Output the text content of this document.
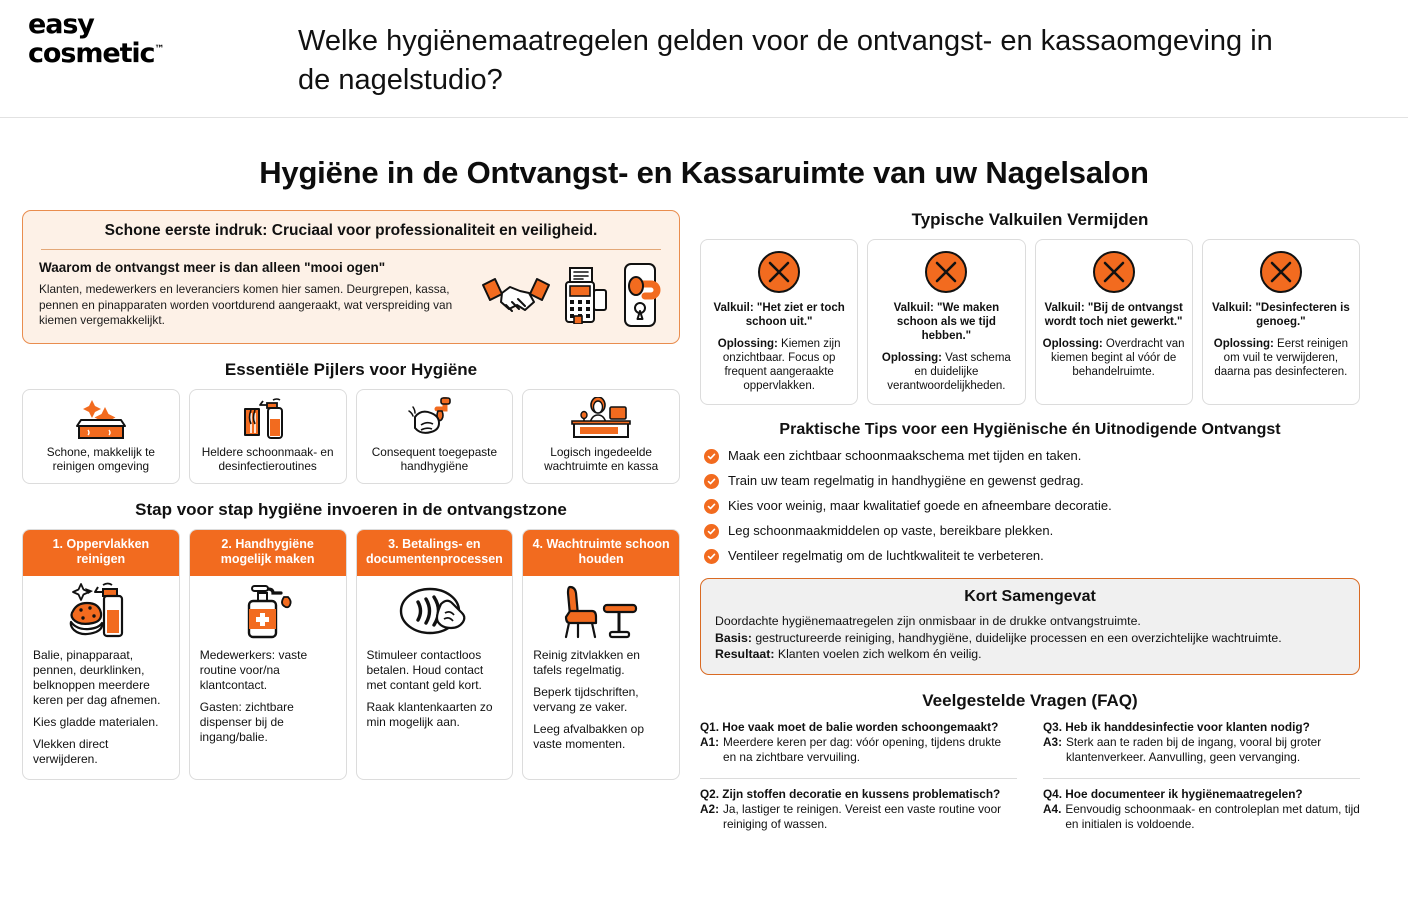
easy
cosmetic™	Welke hygiënemaatregelen gelden voor de ontvangst- en kassaomgeving in de nagelstudio?
Hygiëne in de Ontvangst- en Kassaruimte van uw Nagelsalon
Schone eerste indruk: Cruciaal voor professionaliteit en veiligheid.
Waarom de ontvangst meer is dan alleen "mooi ogen"
Klanten, medewerkers en leveranciers komen hier samen. Deurgrepen, kassa, pennen en pinapparaten worden voortdurend aangeraakt, wat verspreiding van kiemen vergemakkelijkt.
Essentiële Pijlers voor Hygiëne
Schone, makkelijk te reinigen omgeving
Heldere schoonmaak- en desinfectieroutines
Consequent toegepaste handhygiëne
Logisch ingedeelde wachtruimte en kassa
Stap voor stap hygiëne invoeren in de ontvangstzone
1. Oppervlakken reinigen

Balie, pinapparaat, pennen, deurklinken, belknoppen meerdere keren per dag afnemen.

Kies gladde materialen.

Vlekken direct verwijderen.

2. Handhygiëne mogelijk maken

Medewerkers: vaste routine voor/na klantcontact.

Gasten: zichtbare dispenser bij de ingang/balie.

3. Betalings- en documentenprocessen

Stimuleer contactloos betalen. Houd contact met contant geld kort.

Raak klantenkaarten zo min mogelijk aan.

4. Wachtruimte schoon houden

Reinig zitvlakken en tafels regelmatig.

Beperk tijdschriften, vervang ze vaker.

Leeg afvalbakken op vaste momenten.

Typische Valkuilen Vermijden
Valkuil: "Het ziet er toch schoon uit."
Oplossing: Kiemen zijn onzichtbaar. Focus op frequent aangeraakte oppervlakken.
Valkuil: "We maken schoon als we tijd hebben."
Oplossing: Vast schema en duidelijke verantwoordelijkheden.
Valkuil: "Bij de ontvangst wordt toch niet gewerkt."
Oplossing: Overdracht van kiemen begint al vóór de behandelruimte.
Valkuil: "Desinfecteren is genoeg."
Oplossing: Eerst reinigen om vuil te verwijderen, daarna pas desinfecteren.
Praktische Tips voor een Hygiënische én Uitnodigende Ontvangst
Maak een zichtbaar schoonmaakschema met tijden en taken.
Train uw team regelmatig in handhygiëne en gewenst gedrag.
Kies voor weinig, maar kwalitatief goede en afneembare decoratie.
Leg schoonmaakmiddelen op vaste, bereikbare plekken.
Ventileer regelmatig om de luchtkwaliteit te verbeteren.
Kort Samengevat

Doordachte hygiënemaatregelen zijn onmisbaar in de drukke ontvangstruimte.

Basis: gestructureerde reiniging, handhygiëne, duidelijke processen en een overzichtelijke wachtruimte.

Resultaat: Klanten voelen zich welkom én veilig.

Veelgestelde Vragen (FAQ)
Q1. Hoe vaak moet de balie worden schoongemaakt?
A1: Meerdere keren per dag: vóór opening, tijdens drukte en na zichtbare vervuiling.
Q2. Zijn stoffen decoratie en kussens problematisch?
A2: Ja, lastiger te reinigen. Vereist een vaste routine voor reiniging of wassen.
Q3. Heb ik handdesinfectie voor klanten nodig?
A3: Sterk aan te raden bij de ingang, vooral bij groter klantenverkeer. Aanvulling, geen vervanging.
Q4. Hoe documenteer ik hygiënemaatregelen?
A4. Eenvoudig schoonmaak- en controleplan met datum, tijd en initialen is voldoende.
